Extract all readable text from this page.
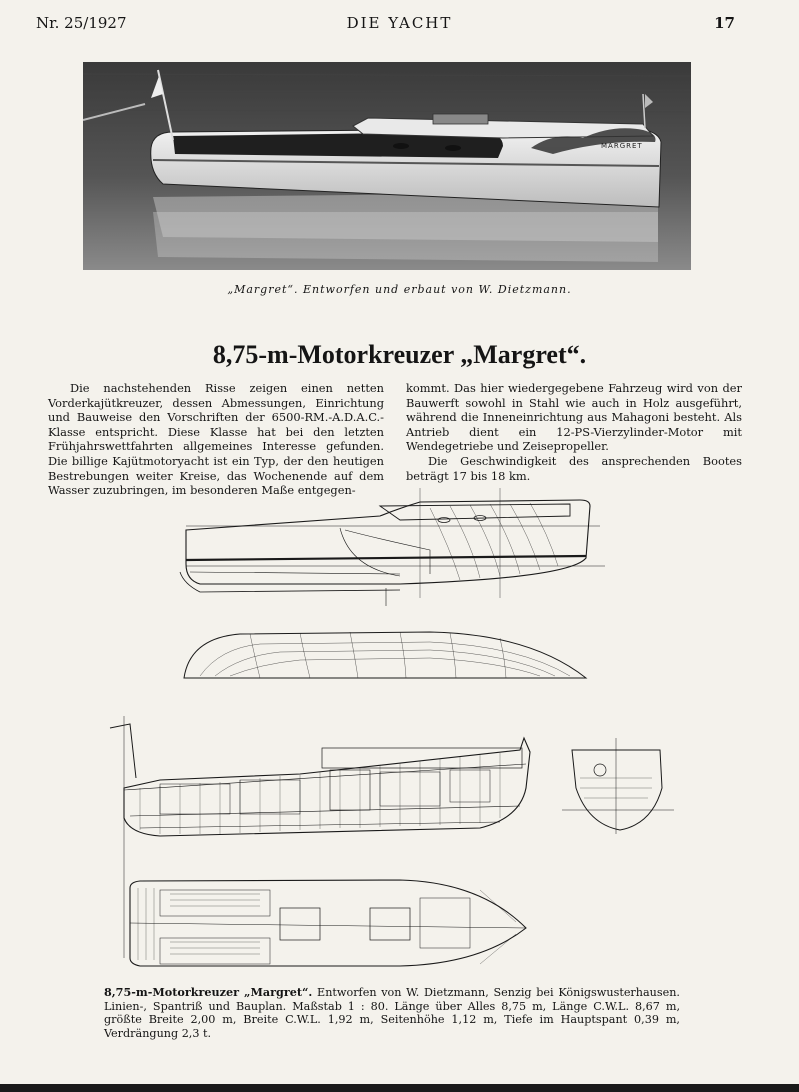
Nr. 25/1927	DIE YACHT	17
MARGRET
„Margret“. Entworfen und erbaut von W. Dietzmann.
8,75-m-Motorkreuzer „Margret“.

Die nachstehenden Risse zeigen einen netten Vorderkajütkreuzer, dessen Abmessungen, Einrichtung und Bauweise den Vorschriften der 6500-RM.-A.D.A.C.-Klasse entspricht. Diese Klasse hat bei den letzten Frühjahrswettfahrten allgemeines Interesse gefunden. Die billige Kajütmotoryacht ist ein Typ, der den heutigen Bestrebungen weiter Kreise, das Wochenende auf dem Wasser zuzubringen, im besonderen Maße entgegen-

kommt. Das hier wiedergegebene Fahrzeug wird von der Bauwerft sowohl in Stahl wie auch in Holz ausgeführt, während die Inneneinrichtung aus Mahagoni besteht. Als Antrieb dient ein 12-PS-Vierzylinder-Motor mit Wendegetriebe und Zeisepropeller.

Die Geschwindigkeit des ansprechenden Bootes beträgt 17 bis 18 km.

8,75-m-Motorkreuzer „Margret“. Entworfen von W. Dietzmann, Senzig bei Königswusterhausen. Linien-, Spantriß und Bauplan. Maßstab 1 : 80. Länge über Alles 8,75 m, Länge C.W.L. 8,67 m, größte Breite 2,00 m, Breite C.W.L. 1,92 m, Seitenhöhe 1,12 m, Tiefe im Hauptspant 0,39 m, Verdrängung 2,3 t.
